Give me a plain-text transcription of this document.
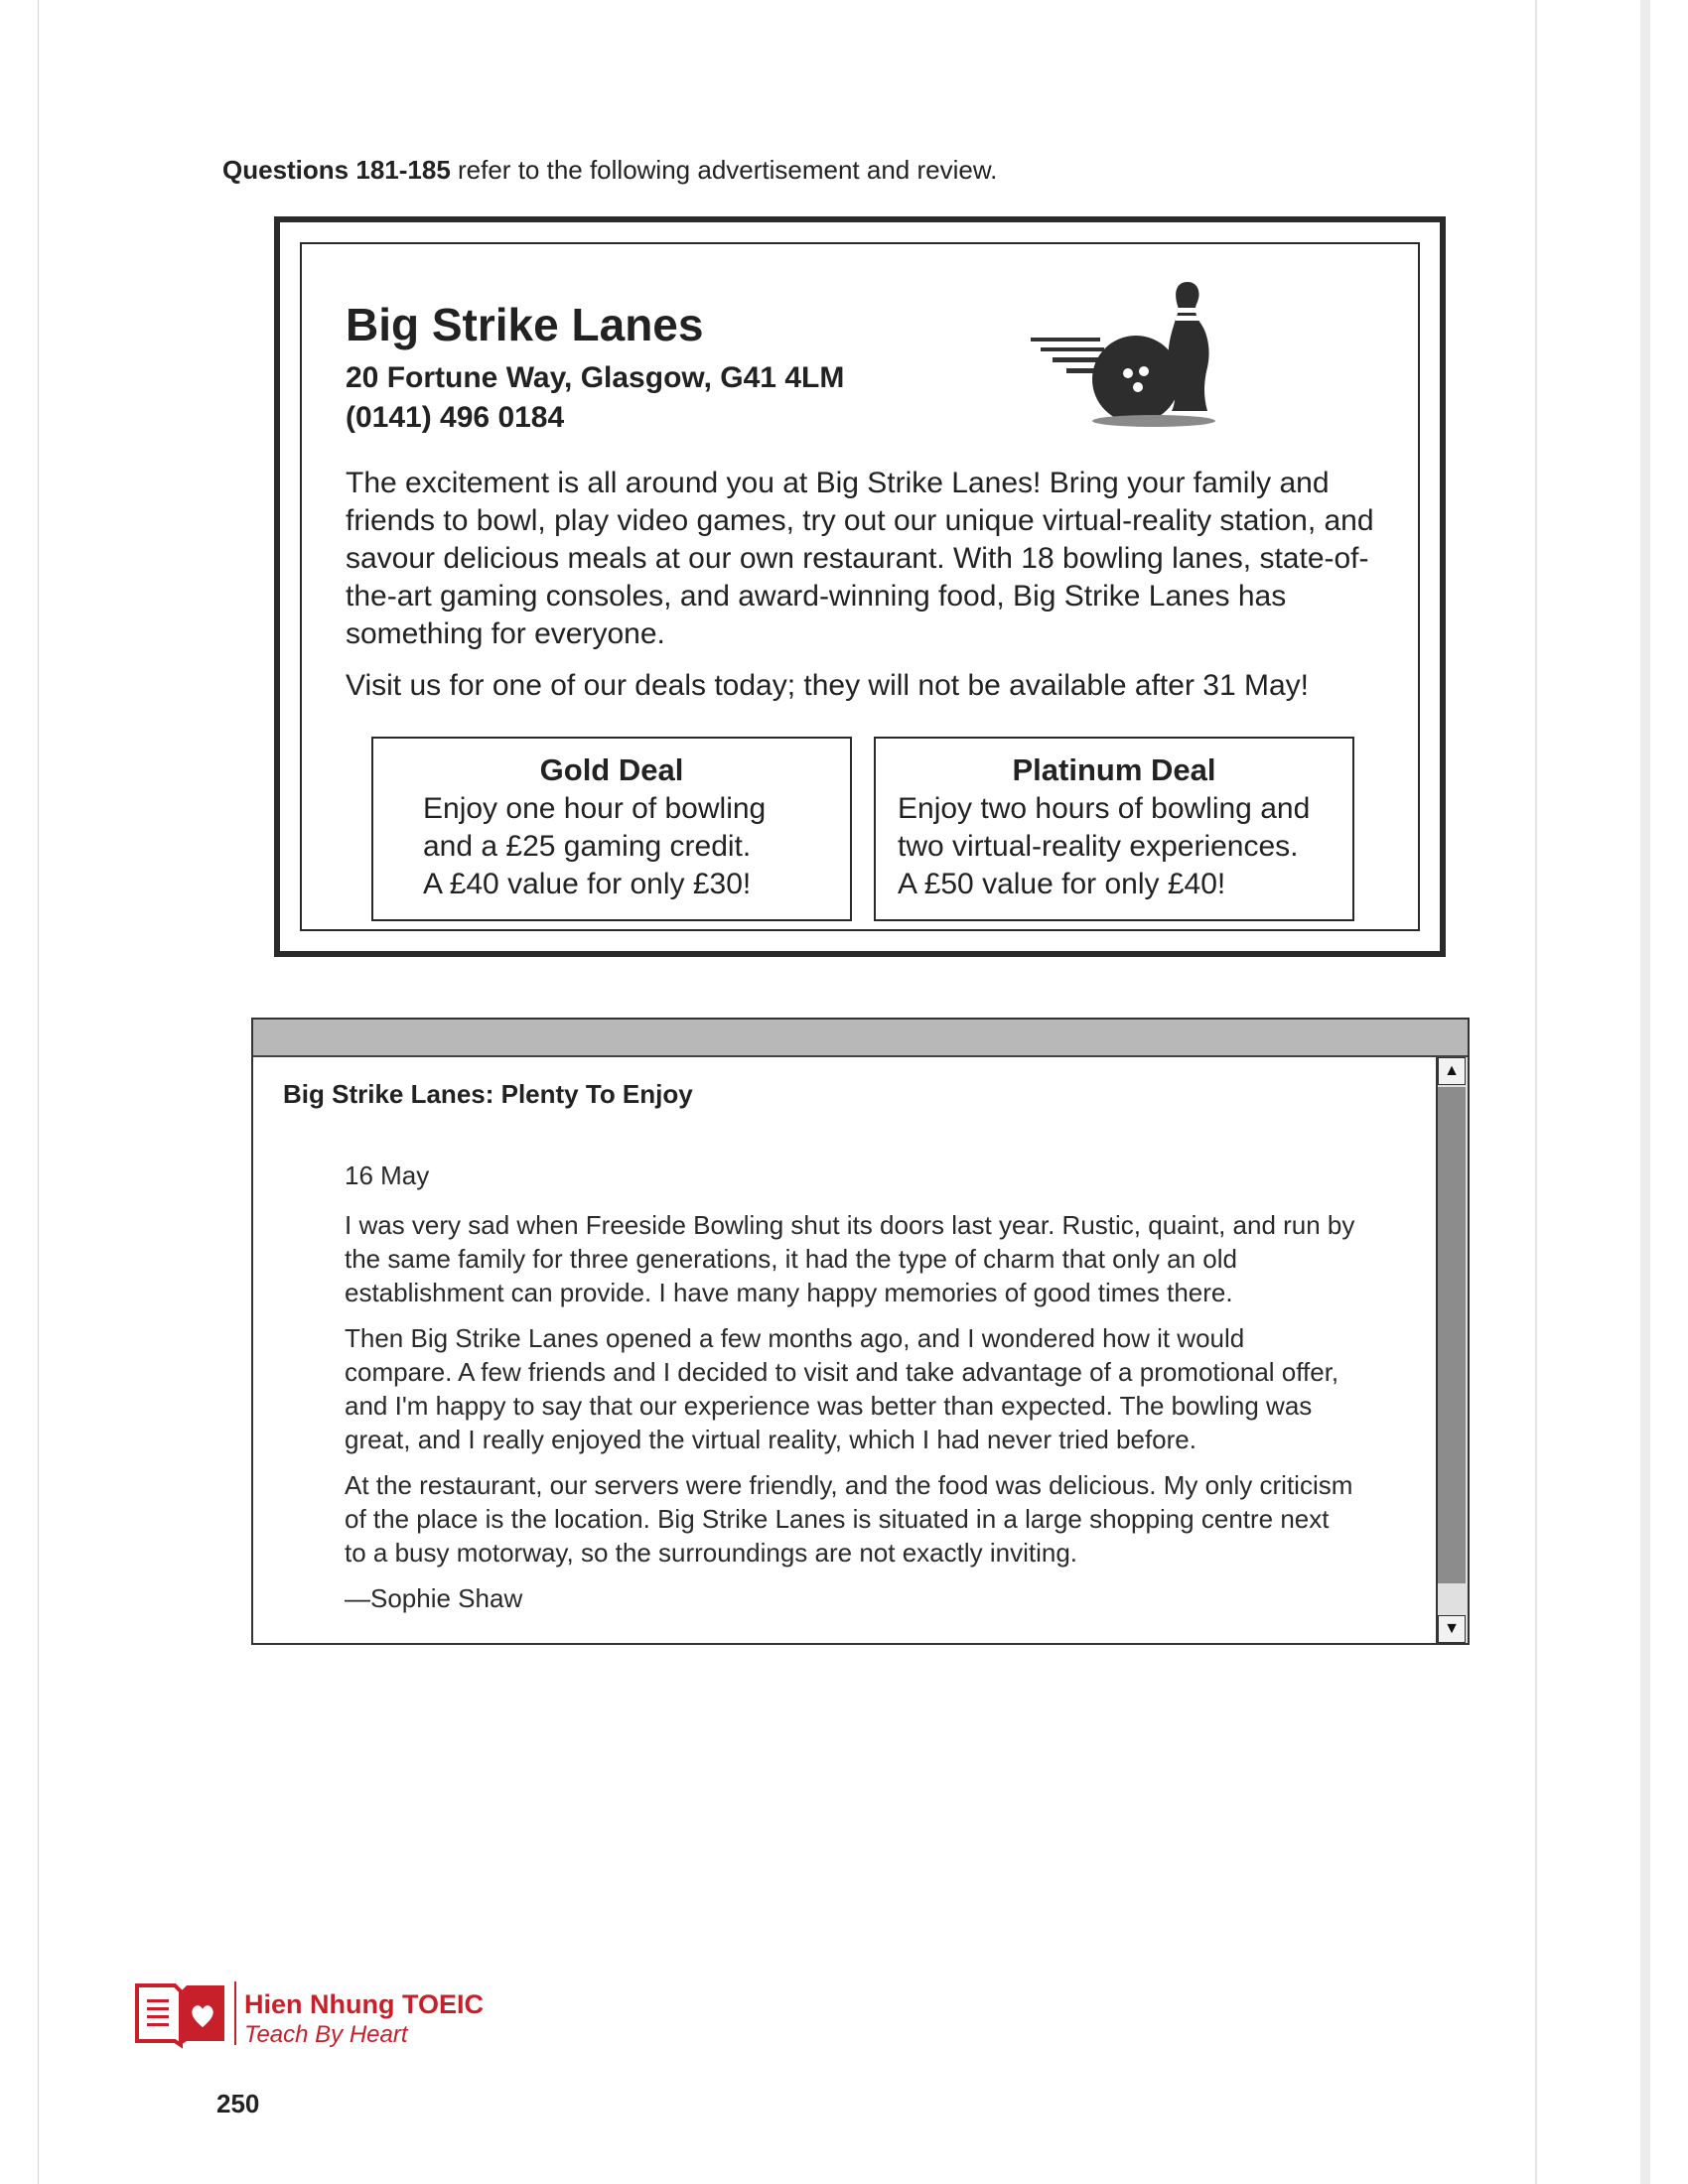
Questions 181-185 refer to the following advertisement and review.
Big Strike Lanes
20 Fortune Way, Glasgow, G41 4LM
(0141) 496 0184

The excitement is all around you at Big Strike Lanes! Bring your family and friends to bowl, play video games, try out our unique virtual-reality station, and savour delicious meals at our own restaurant. With 18 bowling lanes, state-of-the-art gaming consoles, and award-winning food, Big Strike Lanes has something for everyone.

Visit us for one of our deals today; they will not be available after 31 May!
Gold Deal
Enjoy one hour of bowling
and a £25 gaming credit.
A £40 value for only £30!
Platinum Deal
Enjoy two hours of bowling and
two virtual-reality experiences.
A £50 value for only £40!
Big Strike Lanes: Plenty To Enjoy

16 May

I was very sad when Freeside Bowling shut its doors last year. Rustic, quaint, and run by the same family for three generations, it had the type of charm that only an old establishment can provide. I have many happy memories of good times there.

Then Big Strike Lanes opened a few months ago, and I wondered how it would compare. A few friends and I decided to visit and take advantage of a promotional offer, and I'm happy to say that our experience was better than expected. The bowling was great, and I really enjoyed the virtual reality, which I had never tried before.

At the restaurant, our servers were friendly, and the food was delicious. My only criticism of the place is the location. Big Strike Lanes is situated in a large shopping centre next to a busy motorway, so the surroundings are not exactly inviting.

—Sophie Shaw

▲
▼
Hien Nhung TOEIC
Teach By Heart
250
